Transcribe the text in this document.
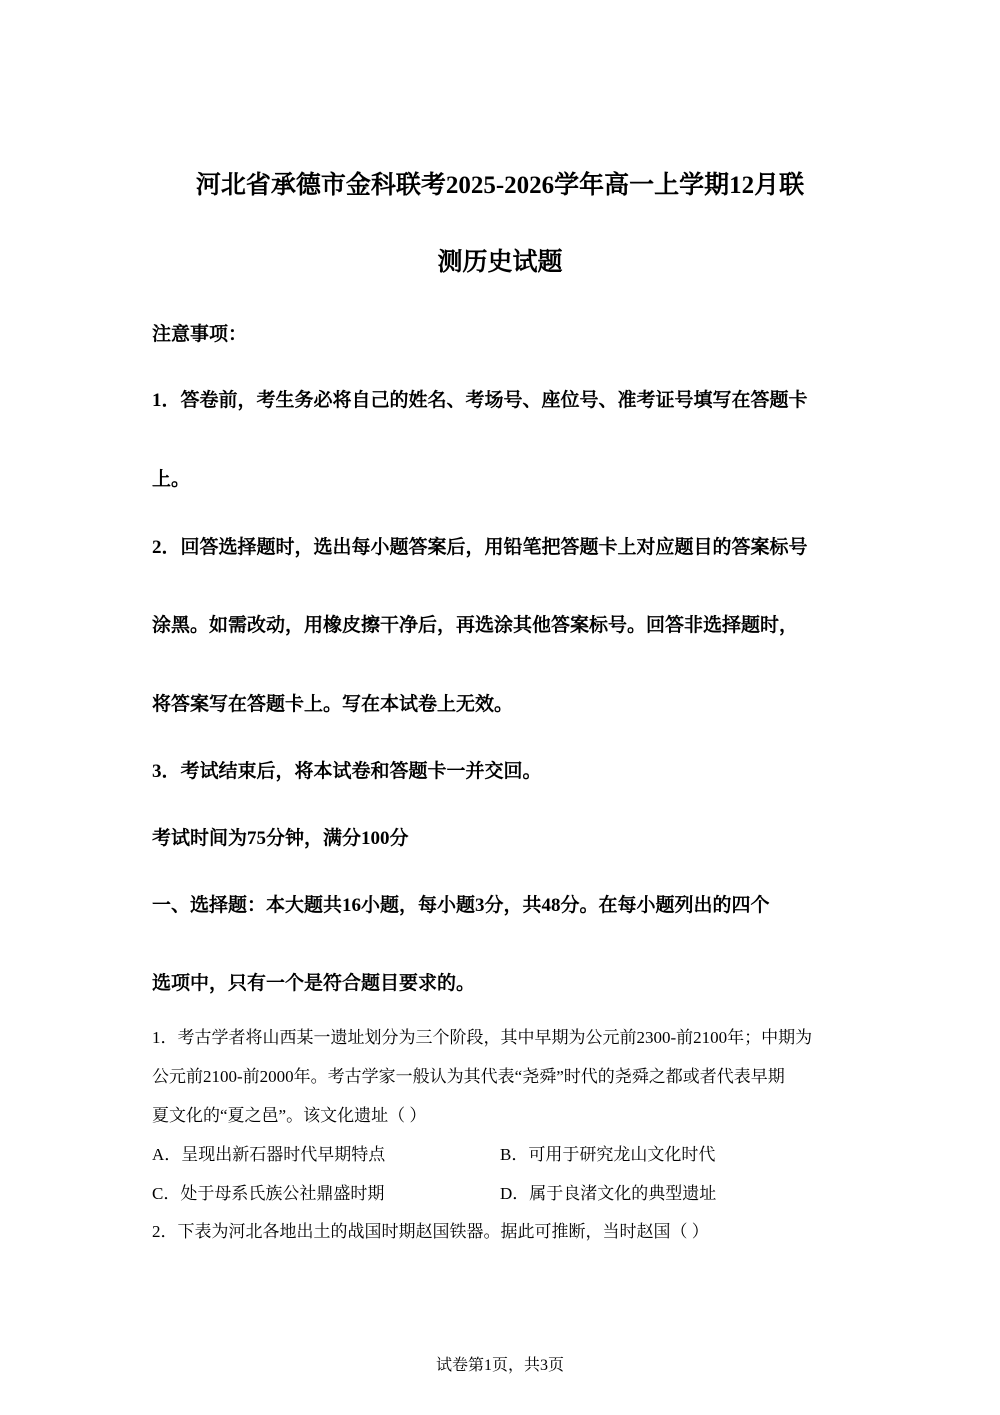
河北省承德市金科联考2025-2026学年高一上学期12月联
测历史试题
注意事项：
1．答卷前，考生务必将自己的姓名、考场号、座位号、准考证号填写在答题卡
上。
2．回答选择题时，选出每小题答案后，用铅笔把答题卡上对应题目的答案标号
涂黑。如需改动，用橡皮擦干净后，再选涂其他答案标号。回答非选择题时，
将答案写在答题卡上。写在本试卷上无效。
3．考试结束后，将本试卷和答题卡一并交回。
考试时间为75分钟，满分100分
一、选择题：本大题共16小题，每小题3分，共48分。在每小题列出的四个
选项中，只有一个是符合题目要求的。
1．考古学者将山西某一遗址划分为三个阶段，其中早期为公元前2300-前2100年；中期为
公元前2100-前2000年。考古学家一般认为其代表“尧舜”时代的尧舜之都或者代表早期
夏文化的“夏之邑”。该文化遗址（ ）
A．呈现出新石器时代早期特点	B．可用于研究龙山文化时代
C．处于母系氏族公社鼎盛时期	D．属于良渚文化的典型遗址
2．下表为河北各地出土的战国时期赵国铁器。据此可推断，当时赵国（ ）
试卷第1页，共3页
